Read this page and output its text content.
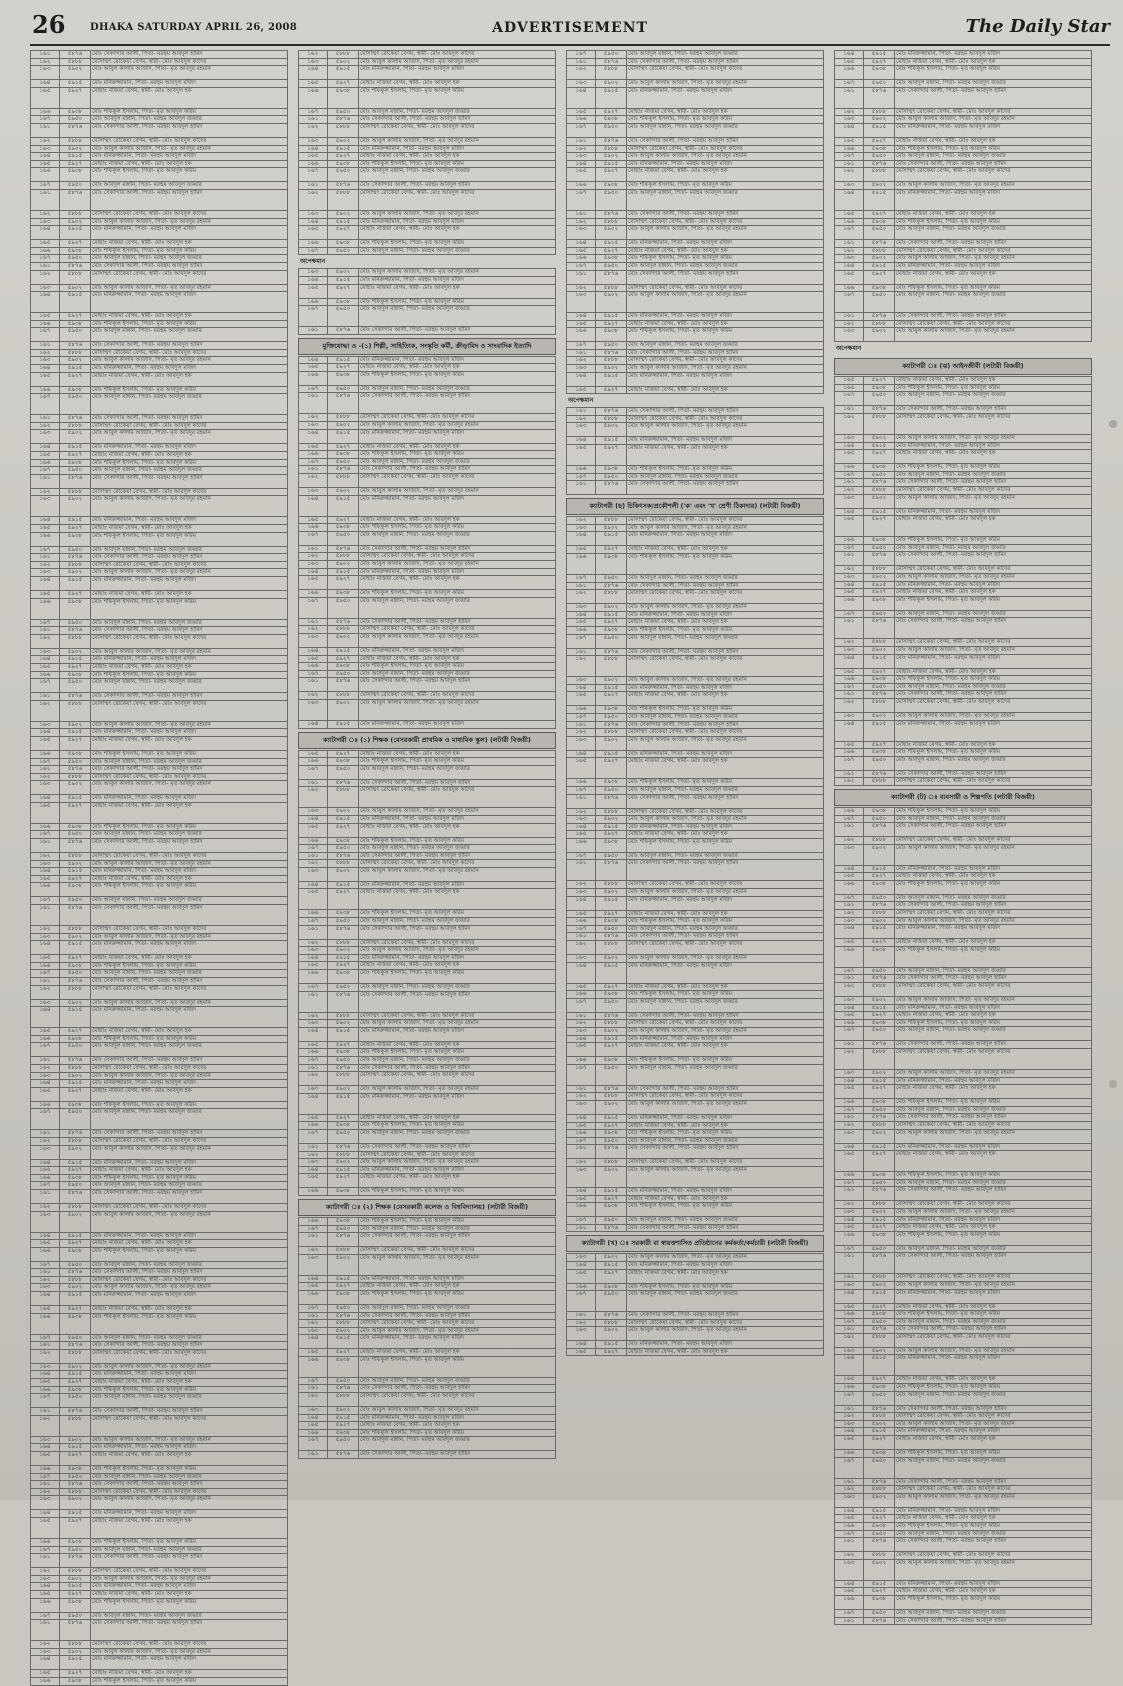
26 DHAKA SATURDAY APRIL 26, 2008	ADVERTISEMENT	The Daily Star
১৬১	৫৮৭৬	মোঃ সেকান্দার আলী, পিতা- মরহুম আবদুল হামিদ
১৬২	৫৮৮৮	মোসাম্মৎ রোকেয়া বেগম, স্বামী- মোঃ আবদুল কাদের
১৬৩	৫৯০২	মোঃ আবুল কালাম আজাদ, পিতা- মৃত আবদুর রহমান
১৬৪	৫৯১৫	মোঃ মনিরুজ্জামান, পিতা- মরহুম আবদুল মজিদ
১৬৫	৫৯২৭	মোছাঃ নাজমা বেগম, স্বামী- মোঃ আবদুল হক
১৬৬	৫৯৩৮	মোঃ শফিকুল ইসলাম, পিতা- মৃত আবদুল করিম
১৬৭	৫৯৫০	মোঃ আবদুল মান্নান, পিতা- মরহুম আবদুল জব্বার
১৬১	৫৮৭৬	মোঃ সেকান্দার আলী, পিতা- মরহুম আবদুল হামিদ
১৬২	৫৮৮৮	মোসাম্মৎ রোকেয়া বেগম, স্বামী- মোঃ আবদুল কাদের
১৬৩	৫৯০২	মোঃ আবুল কালাম আজাদ, পিতা- মৃত আবদুর রহমান
১৬৪	৫৯১৫	মোঃ মনিরুজ্জামান, পিতা- মরহুম আবদুল মজিদ
১৬৫	৫৯২৭	মোছাঃ নাজমা বেগম, স্বামী- মোঃ আবদুল হক
১৬৬	৫৯৩৮	মোঃ শফিকুল ইসলাম, পিতা- মৃত আবদুল করিম
১৬৭	৫৯৫০	মোঃ আবদুল মান্নান, পিতা- মরহুম আবদুল জব্বার
১৬১	৫৮৭৬	মোঃ সেকান্দার আলী, পিতা- মরহুম আবদুল হামিদ
১৬২	৫৮৮৮	মোসাম্মৎ রোকেয়া বেগম, স্বামী- মোঃ আবদুল কাদের
১৬৩	৫৯০২	মোঃ আবুল কালাম আজাদ, পিতা- মৃত আবদুর রহমান
১৬৪	৫৯১৫	মোঃ মনিরুজ্জামান, পিতা- মরহুম আবদুল মজিদ
১৬৫	৫৯২৭	মোছাঃ নাজমা বেগম, স্বামী- মোঃ আবদুল হক
১৬৬	৫৯৩৮	মোঃ শফিকুল ইসলাম, পিতা- মৃত আবদুল করিম
১৬৭	৫৯৫০	মোঃ আবদুল মান্নান, পিতা- মরহুম আবদুল জব্বার
১৬১	৫৮৭৬	মোঃ সেকান্দার আলী, পিতা- মরহুম আবদুল হামিদ
১৬২	৫৮৮৮	মোসাম্মৎ রোকেয়া বেগম, স্বামী- মোঃ আবদুল কাদের
১৬৩	৫৯০২	মোঃ আবুল কালাম আজাদ, পিতা- মৃত আবদুর রহমান
১৬৪	৫৯১৫	মোঃ মনিরুজ্জামান, পিতা- মরহুম আবদুল মজিদ
১৬৫	৫৯২৭	মোছাঃ নাজমা বেগম, স্বামী- মোঃ আবদুল হক
১৬৬	৫৯৩৮	মোঃ শফিকুল ইসলাম, পিতা- মৃত আবদুল করিম
১৬৭	৫৯৫০	মোঃ আবদুল মান্নান, পিতা- মরহুম আবদুল জব্বার
১৬১	৫৮৭৬	মোঃ সেকান্দার আলী, পিতা- মরহুম আবদুল হামিদ
১৬২	৫৮৮৮	মোসাম্মৎ রোকেয়া বেগম, স্বামী- মোঃ আবদুল কাদের
১৬৩	৫৯০২	মোঃ আবুল কালাম আজাদ, পিতা- মৃত আবদুর রহমান
১৬৪	৫৯১৫	মোঃ মনিরুজ্জামান, পিতা- মরহুম আবদুল মজিদ
১৬৫	৫৯২৭	মোছাঃ নাজমা বেগম, স্বামী- মোঃ আবদুল হক
১৬৬	৫৯৩৮	মোঃ শফিকুল ইসলাম, পিতা- মৃত আবদুল করিম
১৬৭	৫৯৫০	মোঃ আবদুল মান্নান, পিতা- মরহুম আবদুল জব্বার
১৬১	৫৮৭৬	মোঃ সেকান্দার আলী, পিতা- মরহুম আবদুল হামিদ
১৬২	৫৮৮৮	মোসাম্মৎ রোকেয়া বেগম, স্বামী- মোঃ আবদুল কাদের
১৬৩	৫৯০২	মোঃ আবুল কালাম আজাদ, পিতা- মৃত আবদুর রহমান
১৬৪	৫৯১৫	মোঃ মনিরুজ্জামান, পিতা- মরহুম আবদুল মজিদ
১৬৫	৫৯২৭	মোছাঃ নাজমা বেগম, স্বামী- মোঃ আবদুল হক
১৬৬	৫৯৩৮	মোঃ শফিকুল ইসলাম, পিতা- মৃত আবদুল করিম
১৬৭	৫৯৫০	মোঃ আবদুল মান্নান, পিতা- মরহুম আবদুল জব্বার
১৬১	৫৮৭৬	মোঃ সেকান্দার আলী, পিতা- মরহুম আবদুল হামিদ
১৬২	৫৮৮৮	মোসাম্মৎ রোকেয়া বেগম, স্বামী- মোঃ আবদুল কাদের
১৬৩	৫৯০২	মোঃ আবুল কালাম আজাদ, পিতা- মৃত আবদুর রহমান
১৬৪	৫৯১৫	মোঃ মনিরুজ্জামান, পিতা- মরহুম আবদুল মজিদ
১৬৫	৫৯২৭	মোছাঃ নাজমা বেগম, স্বামী- মোঃ আবদুল হক
১৬৬	৫৯৩৮	মোঃ শফিকুল ইসলাম, পিতা- মৃত আবদুল করিম
১৬৭	৫৯৫০	মোঃ আবদুল মান্নান, পিতা- মরহুম আবদুল জব্বার
১৬১	৫৮৭৬	মোঃ সেকান্দার আলী, পিতা- মরহুম আবদুল হামিদ
১৬২	৫৮৮৮	মোসাম্মৎ রোকেয়া বেগম, স্বামী- মোঃ আবদুল কাদের
১৬৩	৫৯০২	মোঃ আবুল কালাম আজাদ, পিতা- মৃত আবদুর রহমান
১৬৪	৫৯১৫	মোঃ মনিরুজ্জামান, পিতা- মরহুম আবদুল মজিদ
১৬৫	৫৯২৭	মোছাঃ নাজমা বেগম, স্বামী- মোঃ আবদুল হক
১৬৬	৫৯৩৮	মোঃ শফিকুল ইসলাম, পিতা- মৃত আবদুল করিম
১৬৭	৫৯৫০	মোঃ আবদুল মান্নান, পিতা- মরহুম আবদুল জব্বার
১৬১	৫৮৭৬	মোঃ সেকান্দার আলী, পিতা- মরহুম আবদুল হামিদ
১৬২	৫৮৮৮	মোসাম্মৎ রোকেয়া বেগম, স্বামী- মোঃ আবদুল কাদের
১৬৩	৫৯০২	মোঃ আবুল কালাম আজাদ, পিতা- মৃত আবদুর রহমান
১৬৪	৫৯১৫	মোঃ মনিরুজ্জামান, পিতা- মরহুম আবদুল মজিদ
১৬৫	৫৯২৭	মোছাঃ নাজমা বেগম, স্বামী- মোঃ আবদুল হক
১৬৬	৫৯৩৮	মোঃ শফিকুল ইসলাম, পিতা- মৃত আবদুল করিম
১৬৭	৫৯৫০	মোঃ আবদুল মান্নান, পিতা- মরহুম আবদুল জব্বার
১৬১	৫৮৭৬	মোঃ সেকান্দার আলী, পিতা- মরহুম আবদুল হামিদ
১৬২	৫৮৮৮	মোসাম্মৎ রোকেয়া বেগম, স্বামী- মোঃ আবদুল কাদের
১৬৩	৫৯০২	মোঃ আবুল কালাম আজাদ, পিতা- মৃত আবদুর রহমান
১৬৪	৫৯১৫	মোঃ মনিরুজ্জামান, পিতা- মরহুম আবদুল মজিদ
১৬৫	৫৯২৭	মোছাঃ নাজমা বেগম, স্বামী- মোঃ আবদুল হক
১৬৬	৫৯৩৮	মোঃ শফিকুল ইসলাম, পিতা- মৃত আবদুল করিম
১৬৭	৫৯৫০	মোঃ আবদুল মান্নান, পিতা- মরহুম আবদুল জব্বার
১৬১	৫৮৭৬	মোঃ সেকান্দার আলী, পিতা- মরহুম আবদুল হামিদ
১৬২	৫৮৮৮	মোসাম্মৎ রোকেয়া বেগম, স্বামী- মোঃ আবদুল কাদের
১৬৩	৫৯০২	মোঃ আবুল কালাম আজাদ, পিতা- মৃত আবদুর রহমান
১৬৪	৫৯১৫	মোঃ মনিরুজ্জামান, পিতা- মরহুম আবদুল মজিদ
১৬৫	৫৯২৭	মোছাঃ নাজমা বেগম, স্বামী- মোঃ আবদুল হক
১৬৬	৫৯৩৮	মোঃ শফিকুল ইসলাম, পিতা- মৃত আবদুল করিম
১৬৭	৫৯৫০	মোঃ আবদুল মান্নান, পিতা- মরহুম আবদুল জব্বার
১৬১	৫৮৭৬	মোঃ সেকান্দার আলী, পিতা- মরহুম আবদুল হামিদ
১৬২	৫৮৮৮	মোসাম্মৎ রোকেয়া বেগম, স্বামী- মোঃ আবদুল কাদের
১৬৩	৫৯০২	মোঃ আবুল কালাম আজাদ, পিতা- মৃত আবদুর রহমান
১৬৪	৫৯১৫	মোঃ মনিরুজ্জামান, পিতা- মরহুম আবদুল মজিদ
১৬৫	৫৯২৭	মোছাঃ নাজমা বেগম, স্বামী- মোঃ আবদুল হক
১৬৬	৫৯৩৮	মোঃ শফিকুল ইসলাম, পিতা- মৃত আবদুল করিম
১৬৭	৫৯৫০	মোঃ আবদুল মান্নান, পিতা- মরহুম আবদুল জব্বার
১৬১	৫৮৭৬	মোঃ সেকান্দার আলী, পিতা- মরহুম আবদুল হামিদ
১৬২	৫৮৮৮	মোসাম্মৎ রোকেয়া বেগম, স্বামী- মোঃ আবদুল কাদের
১৬৩	৫৯০২	মোঃ আবুল কালাম আজাদ, পিতা- মৃত আবদুর রহমান
১৬৪	৫৯১৫	মোঃ মনিরুজ্জামান, পিতা- মরহুম আবদুল মজিদ
১৬৫	৫৯২৭	মোছাঃ নাজমা বেগম, স্বামী- মোঃ আবদুল হক
১৬৬	৫৯৩৮	মোঃ শফিকুল ইসলাম, পিতা- মৃত আবদুল করিম
১৬৭	৫৯৫০	মোঃ আবদুল মান্নান, পিতা- মরহুম আবদুল জব্বার
১৬১	৫৮৭৬	মোঃ সেকান্দার আলী, পিতা- মরহুম আবদুল হামিদ
১৬২	৫৮৮৮	মোসাম্মৎ রোকেয়া বেগম, স্বামী- মোঃ আবদুল কাদের
১৬৩	৫৯০২	মোঃ আবুল কালাম আজাদ, পিতা- মৃত আবদুর রহমান
১৬৪	৫৯১৫	মোঃ মনিরুজ্জামান, পিতা- মরহুম আবদুল মজিদ
১৬৫	৫৯২৭	মোছাঃ নাজমা বেগম, স্বামী- মোঃ আবদুল হক
১৬৬	৫৯৩৮	মোঃ শফিকুল ইসলাম, পিতা- মৃত আবদুল করিম
১৬৭	৫৯৫০	মোঃ আবদুল মান্নান, পিতা- মরহুম আবদুল জব্বার
১৬১	৫৮৭৬	মোঃ সেকান্দার আলী, পিতা- মরহুম আবদুল হামিদ
১৬২	৫৮৮৮	মোসাম্মৎ রোকেয়া বেগম, স্বামী- মোঃ আবদুল কাদের
১৬৩	৫৯০২	মোঃ আবুল কালাম আজাদ, পিতা- মৃত আবদুর রহমান
১৬৪	৫৯১৫	মোঃ মনিরুজ্জামান, পিতা- মরহুম আবদুল মজিদ
১৬৫	৫৯২৭	মোছাঃ নাজমা বেগম, স্বামী- মোঃ আবদুল হক
১৬৬	৫৯৩৮	মোঃ শফিকুল ইসলাম, পিতা- মৃত আবদুল করিম
১৬৭	৫৯৫০	মোঃ আবদুল মান্নান, পিতা- মরহুম আবদুল জব্বার
১৬১	৫৮৭৬	মোঃ সেকান্দার আলী, পিতা- মরহুম আবদুল হামিদ
১৬২	৫৮৮৮	মোসাম্মৎ রোকেয়া বেগম, স্বামী- মোঃ আবদুল কাদের
১৬৩	৫৯০২	মোঃ আবুল কালাম আজাদ, পিতা- মৃত আবদুর রহমান
১৬৪	৫৯১৫	মোঃ মনিরুজ্জামান, পিতা- মরহুম আবদুল মজিদ
১৬৫	৫৯২৭	মোছাঃ নাজমা বেগম, স্বামী- মোঃ আবদুল হক
১৬৬	৫৯৩৮	মোঃ শফিকুল ইসলাম, পিতা- মৃত আবদুল করিম
১৬৭	৫৯৫০	মোঃ আবদুল মান্নান, পিতা- মরহুম আবদুল জব্বার
১৬১	৫৮৭৬	মোঃ সেকান্দার আলী, পিতা- মরহুম আবদুল হামিদ
১৬২	৫৮৮৮	মোসাম্মৎ রোকেয়া বেগম, স্বামী- মোঃ আবদুল কাদের
১৬৩	৫৯০২	মোঃ আবুল কালাম আজাদ, পিতা- মৃত আবদুর রহমান
১৬৪	৫৯১৫	মোঃ মনিরুজ্জামান, পিতা- মরহুম আবদুল মজিদ
১৬৫	৫৯২৭	মোছাঃ নাজমা বেগম, স্বামী- মোঃ আবদুল হক
১৬৬	৫৯৩৮	মোঃ শফিকুল ইসলাম, পিতা- মৃত আবদুল করিম
১৬৭	৫৯৫০	মোঃ আবদুল মান্নান, পিতা- মরহুম আবদুল জব্বার
১৬১	৫৮৭৬	মোঃ সেকান্দার আলী, পিতা- মরহুম আবদুল হামিদ
১৬২	৫৮৮৮	মোসাম্মৎ রোকেয়া বেগম, স্বামী- মোঃ আবদুল কাদের
১৬৩	৫৯০২	মোঃ আবুল কালাম আজাদ, পিতা- মৃত আবদুর রহমান
১৬৪	৫৯১৫	মোঃ মনিরুজ্জামান, পিতা- মরহুম আবদুল মজিদ
১৬৫	৫৯২৭	মোছাঃ নাজমা বেগম, স্বামী- মোঃ আবদুল হক
১৬৬	৫৯৩৮	মোঃ শফিকুল ইসলাম, পিতা- মৃত আবদুল করিম
১৬৭	৫৯৫০	মোঃ আবদুল মান্নান, পিতা- মরহুম আবদুল জব্বার
১৬১	৫৮৭৬	মোঃ সেকান্দার আলী, পিতা- মরহুম আবদুল হামিদ
১৬২	৫৮৮৮	মোসাম্মৎ রোকেয়া বেগম, স্বামী- মোঃ আবদুল কাদের
১৬৩	৫৯০২	মোঃ আবুল কালাম আজাদ, পিতা- মৃত আবদুর রহমান
১৬৪	৫৯১৫	মোঃ মনিরুজ্জামান, পিতা- মরহুম আবদুল মজিদ
১৬৫	৫৯২৭	মোছাঃ নাজমা বেগম, স্বামী- মোঃ আবদুল হক
১৬৬	৫৯৩৮	মোঃ শফিকুল ইসলাম, পিতা- মৃত আবদুল করিম
১৬৭	৫৯৫০	মোঃ আবদুল মান্নান, পিতা- মরহুম আবদুল জব্বার
১৬১	৫৮৭৬	মোঃ সেকান্দার আলী, পিতা- মরহুম আবদুল হামিদ
১৬২	৫৮৮৮	মোসাম্মৎ রোকেয়া বেগম, স্বামী- মোঃ আবদুল কাদের
১৬৩	৫৯০২	মোঃ আবুল কালাম আজাদ, পিতা- মৃত আবদুর রহমান
১৬৪	৫৯১৫	মোঃ মনিরুজ্জামান, পিতা- মরহুম আবদুল মজিদ
১৬৫	৫৯২৭	মোছাঃ নাজমা বেগম, স্বামী- মোঃ আবদুল হক
১৬৬	৫৯৩৮	মোঃ শফিকুল ইসলাম, পিতা- মৃত আবদুল করিম
১৬৭	৫৯৫০	মোঃ আবদুল মান্নান, পিতা- মরহুম আবদুল জব্বার
১৬১	৫৮৭৬	মোঃ সেকান্দার আলী, পিতা- মরহুম আবদুল হামিদ
১৬২	৫৮৮৮	মোসাম্মৎ রোকেয়া বেগম, স্বামী- মোঃ আবদুল কাদের
১৬৩	৫৯০২	মোঃ আবুল কালাম আজাদ, পিতা- মৃত আবদুর রহমান
১৬৪	৫৯১৫	মোঃ মনিরুজ্জামান, পিতা- মরহুম আবদুল মজিদ
১৬৫	৫৯২৭	মোছাঃ নাজমা বেগম, স্বামী- মোঃ আবদুল হক
১৬৬	৫৯৩৮	মোঃ শফিকুল ইসলাম, পিতা- মৃত আবদুল করিম
১৬৭	৫৯৫০	মোঃ আবদুল মান্নান, পিতা- মরহুম আবদুল জব্বার
১৬১	৫৮৭৬	মোঃ সেকান্দার আলী, পিতা- মরহুম আবদুল হামিদ
১৬২	৫৮৮৮	মোসাম্মৎ রোকেয়া বেগম, স্বামী- মোঃ আবদুল কাদের
১৬৩	৫৯০২	মোঃ আবুল কালাম আজাদ, পিতা- মৃত আবদুর রহমান
১৬৪	৫৯১৫	মোঃ মনিরুজ্জামান, পিতা- মরহুম আবদুল মজিদ
১৬৫	৫৯২৭	মোছাঃ নাজমা বেগম, স্বামী- মোঃ আবদুল হক
১৬৬	৫৯৩৮	মোঃ শফিকুল ইসলাম, পিতা- মৃত আবদুল করিম
১৬৭	৫৯৫০	মোঃ আবদুল মান্নান, পিতা- মরহুম আবদুল জব্বার
১৬১	৫৮৭৬	মোঃ সেকান্দার আলী, পিতা- মরহুম আবদুল হামিদ
১৬২	৫৮৮৮	মোসাম্মৎ রোকেয়া বেগম, স্বামী- মোঃ আবদুল কাদের
১৬৩	৫৯০২	মোঃ আবুল কালাম আজাদ, পিতা- মৃত আবদুর রহমান
১৬৪	৫৯১৫	মোঃ মনিরুজ্জামান, পিতা- মরহুম আবদুল মজিদ
১৬৫	৫৯২৭	মোছাঃ নাজমা বেগম, স্বামী- মোঃ আবদুল হক
১৬৬	৫৯৩৮	মোঃ শফিকুল ইসলাম, পিতা- মৃত আবদুল করিম
১৬২	৫৮৮৮	মোসাম্মৎ রোকেয়া বেগম, স্বামী- মোঃ আবদুল কাদের
১৬৩	৫৯০২	মোঃ আবুল কালাম আজাদ, পিতা- মৃত আবদুর রহমান
১৬৪	৫৯১৫	মোঃ মনিরুজ্জামান, পিতা- মরহুম আবদুল মজিদ
১৬৫	৫৯২৭	মোছাঃ নাজমা বেগম, স্বামী- মোঃ আবদুল হক
১৬৬	৫৯৩৮	মোঃ শফিকুল ইসলাম, পিতা- মৃত আবদুল করিম
১৬৭	৫৯৫০	মোঃ আবদুল মান্নান, পিতা- মরহুম আবদুল জব্বার
১৬১	৫৮৭৬	মোঃ সেকান্দার আলী, পিতা- মরহুম আবদুল হামিদ
১৬২	৫৮৮৮	মোসাম্মৎ রোকেয়া বেগম, স্বামী- মোঃ আবদুল কাদের
১৬৩	৫৯০২	মোঃ আবুল কালাম আজাদ, পিতা- মৃত আবদুর রহমান
১৬৪	৫৯১৫	মোঃ মনিরুজ্জামান, পিতা- মরহুম আবদুল মজিদ
১৬৫	৫৯২৭	মোছাঃ নাজমা বেগম, স্বামী- মোঃ আবদুল হক
১৬৬	৫৯৩৮	মোঃ শফিকুল ইসলাম, পিতা- মৃত আবদুল করিম
১৬৭	৫৯৫০	মোঃ আবদুল মান্নান, পিতা- মরহুম আবদুল জব্বার
১৬১	৫৮৭৬	মোঃ সেকান্দার আলী, পিতা- মরহুম আবদুল হামিদ
১৬২	৫৮৮৮	মোসাম্মৎ রোকেয়া বেগম, স্বামী- মোঃ আবদুল কাদের
১৬৩	৫৯০২	মোঃ আবুল কালাম আজাদ, পিতা- মৃত আবদুর রহমান
১৬৪	৫৯১৫	মোঃ মনিরুজ্জামান, পিতা- মরহুম আবদুল মজিদ
১৬৫	৫৯২৭	মোছাঃ নাজমা বেগম, স্বামী- মোঃ আবদুল হক
১৬৬	৫৯৩৮	মোঃ শফিকুল ইসলাম, পিতা- মৃত আবদুল করিম
১৬৭	৫৯৫০	মোঃ আবদুল মান্নান, পিতা- মরহুম আবদুল জব্বার
অপেক্ষমান
১৬৩	৫৯০২	মোঃ আবুল কালাম আজাদ, পিতা- মৃত আবদুর রহমান
১৬৪	৫৯১৫	মোঃ মনিরুজ্জামান, পিতা- মরহুম আবদুল মজিদ
১৬৫	৫৯২৭	মোছাঃ নাজমা বেগম, স্বামী- মোঃ আবদুল হক
১৬৬	৫৯৩৮	মোঃ শফিকুল ইসলাম, পিতা- মৃত আবদুল করিম
১৬৭	৫৯৫০	মোঃ আবদুল মান্নান, পিতা- মরহুম আবদুল জব্বার
১৬১	৫৮৭৬	মোঃ সেকান্দার আলী, পিতা- মরহুম আবদুল হামিদ
মুক্তিযোদ্ধা ও -(১) শিল্পী, সাহিত্যিক, সংস্কৃতি কর্মী, ক্রীড়াবিদ ও সাংবাদিক ইত্যাদি
১৬৪	৫৯১৫	মোঃ মনিরুজ্জামান, পিতা- মরহুম আবদুল মজিদ
১৬৫	৫৯২৭	মোছাঃ নাজমা বেগম, স্বামী- মোঃ আবদুল হক
১৬৬	৫৯৩৮	মোঃ শফিকুল ইসলাম, পিতা- মৃত আবদুল করিম
১৬৭	৫৯৫০	মোঃ আবদুল মান্নান, পিতা- মরহুম আবদুল জব্বার
১৬১	৫৮৭৬	মোঃ সেকান্দার আলী, পিতা- মরহুম আবদুল হামিদ
১৬২	৫৮৮৮	মোসাম্মৎ রোকেয়া বেগম, স্বামী- মোঃ আবদুল কাদের
১৬৩	৫৯০২	মোঃ আবুল কালাম আজাদ, পিতা- মৃত আবদুর রহমান
১৬৪	৫৯১৫	মোঃ মনিরুজ্জামান, পিতা- মরহুম আবদুল মজিদ
১৬৫	৫৯২৭	মোছাঃ নাজমা বেগম, স্বামী- মোঃ আবদুল হক
১৬৬	৫৯৩৮	মোঃ শফিকুল ইসলাম, পিতা- মৃত আবদুল করিম
১৬৭	৫৯৫০	মোঃ আবদুল মান্নান, পিতা- মরহুম আবদুল জব্বার
১৬১	৫৮৭৬	মোঃ সেকান্দার আলী, পিতা- মরহুম আবদুল হামিদ
১৬২	৫৮৮৮	মোসাম্মৎ রোকেয়া বেগম, স্বামী- মোঃ আবদুল কাদের
১৬৩	৫৯০২	মোঃ আবুল কালাম আজাদ, পিতা- মৃত আবদুর রহমান
১৬৪	৫৯১৫	মোঃ মনিরুজ্জামান, পিতা- মরহুম আবদুল মজিদ
১৬৫	৫৯২৭	মোছাঃ নাজমা বেগম, স্বামী- মোঃ আবদুল হক
১৬৬	৫৯৩৮	মোঃ শফিকুল ইসলাম, পিতা- মৃত আবদুল করিম
১৬৭	৫৯৫০	মোঃ আবদুল মান্নান, পিতা- মরহুম আবদুল জব্বার
১৬১	৫৮৭৬	মোঃ সেকান্দার আলী, পিতা- মরহুম আবদুল হামিদ
১৬২	৫৮৮৮	মোসাম্মৎ রোকেয়া বেগম, স্বামী- মোঃ আবদুল কাদের
১৬৩	৫৯০২	মোঃ আবুল কালাম আজাদ, পিতা- মৃত আবদুর রহমান
১৬৪	৫৯১৫	মোঃ মনিরুজ্জামান, পিতা- মরহুম আবদুল মজিদ
১৬৫	৫৯২৭	মোছাঃ নাজমা বেগম, স্বামী- মোঃ আবদুল হক
১৬৬	৫৯৩৮	মোঃ শফিকুল ইসলাম, পিতা- মৃত আবদুল করিম
১৬৭	৫৯৫০	মোঃ আবদুল মান্নান, পিতা- মরহুম আবদুল জব্বার
১৬১	৫৮৭৬	মোঃ সেকান্দার আলী, পিতা- মরহুম আবদুল হামিদ
১৬২	৫৮৮৮	মোসাম্মৎ রোকেয়া বেগম, স্বামী- মোঃ আবদুল কাদের
১৬৩	৫৯০২	মোঃ আবুল কালাম আজাদ, পিতা- মৃত আবদুর রহমান
১৬৪	৫৯১৫	মোঃ মনিরুজ্জামান, পিতা- মরহুম আবদুল মজিদ
১৬৫	৫৯২৭	মোছাঃ নাজমা বেগম, স্বামী- মোঃ আবদুল হক
১৬৬	৫৯৩৮	মোঃ শফিকুল ইসলাম, পিতা- মৃত আবদুল করিম
১৬৭	৫৯৫০	মোঃ আবদুল মান্নান, পিতা- মরহুম আবদুল জব্বার
১৬১	৫৮৭৬	মোঃ সেকান্দার আলী, পিতা- মরহুম আবদুল হামিদ
১৬২	৫৮৮৮	মোসাম্মৎ রোকেয়া বেগম, স্বামী- মোঃ আবদুল কাদের
১৬৩	৫৯০২	মোঃ আবুল কালাম আজাদ, পিতা- মৃত আবদুর রহমান
১৬৪	৫৯১৫	মোঃ মনিরুজ্জামান, পিতা- মরহুম আবদুল মজিদ
ক্যাটাগরী ঃ (১) শিক্ষক (বেসরকারী প্রাথমিক ও মাধ্যমিক স্কুল) (লটারী বিজয়ী)
১৬৫	৫৯২৭	মোছাঃ নাজমা বেগম, স্বামী- মোঃ আবদুল হক
১৬৬	৫৯৩৮	মোঃ শফিকুল ইসলাম, পিতা- মৃত আবদুল করিম
১৬৭	৫৯৫০	মোঃ আবদুল মান্নান, পিতা- মরহুম আবদুল জব্বার
১৬১	৫৮৭৬	মোঃ সেকান্দার আলী, পিতা- মরহুম আবদুল হামিদ
১৬২	৫৮৮৮	মোসাম্মৎ রোকেয়া বেগম, স্বামী- মোঃ আবদুল কাদের
১৬৩	৫৯০২	মোঃ আবুল কালাম আজাদ, পিতা- মৃত আবদুর রহমান
১৬৪	৫৯১৫	মোঃ মনিরুজ্জামান, পিতা- মরহুম আবদুল মজিদ
১৬৫	৫৯২৭	মোছাঃ নাজমা বেগম, স্বামী- মোঃ আবদুল হক
১৬৬	৫৯৩৮	মোঃ শফিকুল ইসলাম, পিতা- মৃত আবদুল করিম
১৬৭	৫৯৫০	মোঃ আবদুল মান্নান, পিতা- মরহুম আবদুল জব্বার
১৬১	৫৮৭৬	মোঃ সেকান্দার আলী, পিতা- মরহুম আবদুল হামিদ
১৬২	৫৮৮৮	মোসাম্মৎ রোকেয়া বেগম, স্বামী- মোঃ আবদুল কাদের
১৬৩	৫৯০২	মোঃ আবুল কালাম আজাদ, পিতা- মৃত আবদুর রহমান
১৬৪	৫৯১৫	মোঃ মনিরুজ্জামান, পিতা- মরহুম আবদুল মজিদ
১৬৫	৫৯২৭	মোছাঃ নাজমা বেগম, স্বামী- মোঃ আবদুল হক
১৬৬	৫৯৩৮	মোঃ শফিকুল ইসলাম, পিতা- মৃত আবদুল করিম
১৬৭	৫৯৫০	মোঃ আবদুল মান্নান, পিতা- মরহুম আবদুল জব্বার
১৬১	৫৮৭৬	মোঃ সেকান্দার আলী, পিতা- মরহুম আবদুল হামিদ
১৬২	৫৮৮৮	মোসাম্মৎ রোকেয়া বেগম, স্বামী- মোঃ আবদুল কাদের
১৬৩	৫৯০২	মোঃ আবুল কালাম আজাদ, পিতা- মৃত আবদুর রহমান
১৬৪	৫৯১৫	মোঃ মনিরুজ্জামান, পিতা- মরহুম আবদুল মজিদ
১৬৫	৫৯২৭	মোছাঃ নাজমা বেগম, স্বামী- মোঃ আবদুল হক
১৬৬	৫৯৩৮	মোঃ শফিকুল ইসলাম, পিতা- মৃত আবদুল করিম
১৬৭	৫৯৫০	মোঃ আবদুল মান্নান, পিতা- মরহুম আবদুল জব্বার
১৬১	৫৮৭৬	মোঃ সেকান্দার আলী, পিতা- মরহুম আবদুল হামিদ
১৬২	৫৮৮৮	মোসাম্মৎ রোকেয়া বেগম, স্বামী- মোঃ আবদুল কাদের
১৬৩	৫৯০২	মোঃ আবুল কালাম আজাদ, পিতা- মৃত আবদুর রহমান
১৬৪	৫৯১৫	মোঃ মনিরুজ্জামান, পিতা- মরহুম আবদুল মজিদ
১৬৫	৫৯২৭	মোছাঃ নাজমা বেগম, স্বামী- মোঃ আবদুল হক
১৬৬	৫৯৩৮	মোঃ শফিকুল ইসলাম, পিতা- মৃত আবদুল করিম
১৬৭	৫৯৫০	মোঃ আবদুল মান্নান, পিতা- মরহুম আবদুল জব্বার
১৬১	৫৮৭৬	মোঃ সেকান্দার আলী, পিতা- মরহুম আবদুল হামিদ
১৬২	৫৮৮৮	মোসাম্মৎ রোকেয়া বেগম, স্বামী- মোঃ আবদুল কাদের
১৬৩	৫৯০২	মোঃ আবুল কালাম আজাদ, পিতা- মৃত আবদুর রহমান
১৬৪	৫৯১৫	মোঃ মনিরুজ্জামান, পিতা- মরহুম আবদুল মজিদ
১৬৫	৫৯২৭	মোছাঃ নাজমা বেগম, স্বামী- মোঃ আবদুল হক
১৬৬	৫৯৩৮	মোঃ শফিকুল ইসলাম, পিতা- মৃত আবদুল করিম
১৬৭	৫৯৫০	মোঃ আবদুল মান্নান, পিতা- মরহুম আবদুল জব্বার
১৬১	৫৮৭৬	মোঃ সেকান্দার আলী, পিতা- মরহুম আবদুল হামিদ
১৬২	৫৮৮৮	মোসাম্মৎ রোকেয়া বেগম, স্বামী- মোঃ আবদুল কাদের
১৬৩	৫৯০২	মোঃ আবুল কালাম আজাদ, পিতা- মৃত আবদুর রহমান
১৬৪	৫৯১৫	মোঃ মনিরুজ্জামান, পিতা- মরহুম আবদুল মজিদ
১৬৫	৫৯২৭	মোছাঃ নাজমা বেগম, স্বামী- মোঃ আবদুল হক
১৬৬	৫৯৩৮	মোঃ শফিকুল ইসলাম, পিতা- মৃত আবদুল করিম
ক্যাটাগরী ঃ (২) শিক্ষক (বেসরকারী কলেজ ও বিশ্ববিদ্যালয়) (লটারী বিজয়ী)
১৬৬	৫৯৩৮	মোঃ শফিকুল ইসলাম, পিতা- মৃত আবদুল করিম
১৬৭	৫৯৫০	মোঃ আবদুল মান্নান, পিতা- মরহুম আবদুল জব্বার
১৬১	৫৮৭৬	মোঃ সেকান্দার আলী, পিতা- মরহুম আবদুল হামিদ
১৬২	৫৮৮৮	মোসাম্মৎ রোকেয়া বেগম, স্বামী- মোঃ আবদুল কাদের
১৬৩	৫৯০২	মোঃ আবুল কালাম আজাদ, পিতা- মৃত আবদুর রহমান
১৬৪	৫৯১৫	মোঃ মনিরুজ্জামান, পিতা- মরহুম আবদুল মজিদ
১৬৫	৫৯২৭	মোছাঃ নাজমা বেগম, স্বামী- মোঃ আবদুল হক
১৬৬	৫৯৩৮	মোঃ শফিকুল ইসলাম, পিতা- মৃত আবদুল করিম
১৬৭	৫৯৫০	মোঃ আবদুল মান্নান, পিতা- মরহুম আবদুল জব্বার
১৬১	৫৮৭৬	মোঃ সেকান্দার আলী, পিতা- মরহুম আবদুল হামিদ
১৬২	৫৮৮৮	মোসাম্মৎ রোকেয়া বেগম, স্বামী- মোঃ আবদুল কাদের
১৬৩	৫৯০২	মোঃ আবুল কালাম আজাদ, পিতা- মৃত আবদুর রহমান
১৬৪	৫৯১৫	মোঃ মনিরুজ্জামান, পিতা- মরহুম আবদুল মজিদ
১৬৫	৫৯২৭	মোছাঃ নাজমা বেগম, স্বামী- মোঃ আবদুল হক
১৬৬	৫৯৩৮	মোঃ শফিকুল ইসলাম, পিতা- মৃত আবদুল করিম
১৬৭	৫৯৫০	মোঃ আবদুল মান্নান, পিতা- মরহুম আবদুল জব্বার
১৬১	৫৮৭৬	মোঃ সেকান্দার আলী, পিতা- মরহুম আবদুল হামিদ
১৬২	৫৮৮৮	মোসাম্মৎ রোকেয়া বেগম, স্বামী- মোঃ আবদুল কাদের
১৬৩	৫৯০২	মোঃ আবুল কালাম আজাদ, পিতা- মৃত আবদুর রহমান
১৬৪	৫৯১৫	মোঃ মনিরুজ্জামান, পিতা- মরহুম আবদুল মজিদ
১৬৫	৫৯২৭	মোছাঃ নাজমা বেগম, স্বামী- মোঃ আবদুল হক
১৬৬	৫৯৩৮	মোঃ শফিকুল ইসলাম, পিতা- মৃত আবদুল করিম
১৬৭	৫৯৫০	মোঃ আবদুল মান্নান, পিতা- মরহুম আবদুল জব্বার
১৬১	৫৮৭৬	মোঃ সেকান্দার আলী, পিতা- মরহুম আবদুল হামিদ
১৬৭	৫৯৫০	মোঃ আবদুল মান্নান, পিতা- মরহুম আবদুল জব্বার
১৬১	৫৮৭৬	মোঃ সেকান্দার আলী, পিতা- মরহুম আবদুল হামিদ
১৬২	৫৮৮৮	মোসাম্মৎ রোকেয়া বেগম, স্বামী- মোঃ আবদুল কাদের
১৬৩	৫৯০২	মোঃ আবুল কালাম আজাদ, পিতা- মৃত আবদুর রহমান
১৬৪	৫৯১৫	মোঃ মনিরুজ্জামান, পিতা- মরহুম আবদুল মজিদ
১৬৫	৫৯২৭	মোছাঃ নাজমা বেগম, স্বামী- মোঃ আবদুল হক
১৬৬	৫৯৩৮	মোঃ শফিকুল ইসলাম, পিতা- মৃত আবদুল করিম
১৬৭	৫৯৫০	মোঃ আবদুল মান্নান, পিতা- মরহুম আবদুল জব্বার
১৬১	৫৮৭৬	মোঃ সেকান্দার আলী, পিতা- মরহুম আবদুল হামিদ
১৬২	৫৮৮৮	মোসাম্মৎ রোকেয়া বেগম, স্বামী- মোঃ আবদুল কাদের
১৬৩	৫৯০২	মোঃ আবুল কালাম আজাদ, পিতা- মৃত আবদুর রহমান
১৬৪	৫৯১৫	মোঃ মনিরুজ্জামান, পিতা- মরহুম আবদুল মজিদ
১৬৫	৫৯২৭	মোছাঃ নাজমা বেগম, স্বামী- মোঃ আবদুল হক
১৬৬	৫৯৩৮	মোঃ শফিকুল ইসলাম, পিতা- মৃত আবদুল করিম
১৬৭	৫৯৫০	মোঃ আবদুল মান্নান, পিতা- মরহুম আবদুল জব্বার
১৬১	৫৮৭৬	মোঃ সেকান্দার আলী, পিতা- মরহুম আবদুল হামিদ
১৬২	৫৮৮৮	মোসাম্মৎ রোকেয়া বেগম, স্বামী- মোঃ আবদুল কাদের
১৬৩	৫৯০২	মোঃ আবুল কালাম আজাদ, পিতা- মৃত আবদুর রহমান
১৬৪	৫৯১৫	মোঃ মনিরুজ্জামান, পিতা- মরহুম আবদুল মজিদ
১৬৫	৫৯২৭	মোছাঃ নাজমা বেগম, স্বামী- মোঃ আবদুল হক
১৬৬	৫৯৩৮	মোঃ শফিকুল ইসলাম, পিতা- মৃত আবদুল করিম
১৬৭	৫৯৫০	মোঃ আবদুল মান্নান, পিতা- মরহুম আবদুল জব্বার
১৬১	৫৮৭৬	মোঃ সেকান্দার আলী, পিতা- মরহুম আবদুল হামিদ
১৬২	৫৮৮৮	মোসাম্মৎ রোকেয়া বেগম, স্বামী- মোঃ আবদুল কাদের
১৬৩	৫৯০২	মোঃ আবুল কালাম আজাদ, পিতা- মৃত আবদুর রহমান
১৬৪	৫৯১৫	মোঃ মনিরুজ্জামান, পিতা- মরহুম আবদুল মজিদ
১৬৫	৫৯২৭	মোছাঃ নাজমা বেগম, স্বামী- মোঃ আবদুল হক
১৬৬	৫৯৩৮	মোঃ শফিকুল ইসলাম, পিতা- মৃত আবদুল করিম
১৬৭	৫৯৫০	মোঃ আবদুল মান্নান, পিতা- মরহুম আবদুল জব্বার
১৬১	৫৮৭৬	মোঃ সেকান্দার আলী, পিতা- মরহুম আবদুল হামিদ
১৬২	৫৮৮৮	মোসাম্মৎ রোকেয়া বেগম, স্বামী- মোঃ আবদুল কাদের
১৬৩	৫৯০২	মোঃ আবুল কালাম আজাদ, পিতা- মৃত আবদুর রহমান
১৬৪	৫৯১৫	মোঃ মনিরুজ্জামান, পিতা- মরহুম আবদুল মজিদ
১৬৫	৫৯২৭	মোছাঃ নাজমা বেগম, স্বামী- মোঃ আবদুল হক
অপেক্ষমান
১৬১	৫৮৭৬	মোঃ সেকান্দার আলী, পিতা- মরহুম আবদুল হামিদ
১৬২	৫৮৮৮	মোসাম্মৎ রোকেয়া বেগম, স্বামী- মোঃ আবদুল কাদের
১৬৩	৫৯০২	মোঃ আবুল কালাম আজাদ, পিতা- মৃত আবদুর রহমান
১৬৪	৫৯১৫	মোঃ মনিরুজ্জামান, পিতা- মরহুম আবদুল মজিদ
১৬৫	৫৯২৭	মোছাঃ নাজমা বেগম, স্বামী- মোঃ আবদুল হক
১৬৬	৫৯৩৮	মোঃ শফিকুল ইসলাম, পিতা- মৃত আবদুল করিম
১৬৭	৫৯৫০	মোঃ আবদুল মান্নান, পিতা- মরহুম আবদুল জব্বার
১৬১	৫৮৭৬	মোঃ সেকান্দার আলী, পিতা- মরহুম আবদুল হামিদ
ক্যাটাগরী (ছ) চিকিৎসক/প্রকৌশলী ('ক' এবং 'খ' শ্রেণী ঠিকাদার) (লটারী বিজয়ী)
১৬২	৫৮৮৮	মোসাম্মৎ রোকেয়া বেগম, স্বামী- মোঃ আবদুল কাদের
১৬৩	৫৯০২	মোঃ আবুল কালাম আজাদ, পিতা- মৃত আবদুর রহমান
১৬৪	৫৯১৫	মোঃ মনিরুজ্জামান, পিতা- মরহুম আবদুল মজিদ
১৬৫	৫৯২৭	মোছাঃ নাজমা বেগম, স্বামী- মোঃ আবদুল হক
১৬৬	৫৯৩৮	মোঃ শফিকুল ইসলাম, পিতা- মৃত আবদুল করিম
১৬৭	৫৯৫০	মোঃ আবদুল মান্নান, পিতা- মরহুম আবদুল জব্বার
১৬১	৫৮৭৬	মোঃ সেকান্দার আলী, পিতা- মরহুম আবদুল হামিদ
১৬২	৫৮৮৮	মোসাম্মৎ রোকেয়া বেগম, স্বামী- মোঃ আবদুল কাদের
১৬৩	৫৯০২	মোঃ আবুল কালাম আজাদ, পিতা- মৃত আবদুর রহমান
১৬৪	৫৯১৫	মোঃ মনিরুজ্জামান, পিতা- মরহুম আবদুল মজিদ
১৬৫	৫৯২৭	মোছাঃ নাজমা বেগম, স্বামী- মোঃ আবদুল হক
১৬৬	৫৯৩৮	মোঃ শফিকুল ইসলাম, পিতা- মৃত আবদুল করিম
১৬৭	৫৯৫০	মোঃ আবদুল মান্নান, পিতা- মরহুম আবদুল জব্বার
১৬১	৫৮৭৬	মোঃ সেকান্দার আলী, পিতা- মরহুম আবদুল হামিদ
১৬২	৫৮৮৮	মোসাম্মৎ রোকেয়া বেগম, স্বামী- মোঃ আবদুল কাদের
১৬৩	৫৯০২	মোঃ আবুল কালাম আজাদ, পিতা- মৃত আবদুর রহমান
১৬৪	৫৯১৫	মোঃ মনিরুজ্জামান, পিতা- মরহুম আবদুল মজিদ
১৬৫	৫৯২৭	মোছাঃ নাজমা বেগম, স্বামী- মোঃ আবদুল হক
১৬৬	৫৯৩৮	মোঃ শফিকুল ইসলাম, পিতা- মৃত আবদুল করিম
১৬৭	৫৯৫০	মোঃ আবদুল মান্নান, পিতা- মরহুম আবদুল জব্বার
১৬১	৫৮৭৬	মোঃ সেকান্দার আলী, পিতা- মরহুম আবদুল হামিদ
১৬২	৫৮৮৮	মোসাম্মৎ রোকেয়া বেগম, স্বামী- মোঃ আবদুল কাদের
১৬৩	৫৯০২	মোঃ আবুল কালাম আজাদ, পিতা- মৃত আবদুর রহমান
১৬৪	৫৯১৫	মোঃ মনিরুজ্জামান, পিতা- মরহুম আবদুল মজিদ
১৬৫	৫৯২৭	মোছাঃ নাজমা বেগম, স্বামী- মোঃ আবদুল হক
১৬৬	৫৯৩৮	মোঃ শফিকুল ইসলাম, পিতা- মৃত আবদুল করিম
১৬৭	৫৯৫০	মোঃ আবদুল মান্নান, পিতা- মরহুম আবদুল জব্বার
১৬১	৫৮৭৬	মোঃ সেকান্দার আলী, পিতা- মরহুম আবদুল হামিদ
১৬২	৫৮৮৮	মোসাম্মৎ রোকেয়া বেগম, স্বামী- মোঃ আবদুল কাদের
১৬৩	৫৯০২	মোঃ আবুল কালাম আজাদ, পিতা- মৃত আবদুর রহমান
১৬৪	৫৯১৫	মোঃ মনিরুজ্জামান, পিতা- মরহুম আবদুল মজিদ
১৬৫	৫৯২৭	মোছাঃ নাজমা বেগম, স্বামী- মোঃ আবদুল হক
১৬৬	৫৯৩৮	মোঃ শফিকুল ইসলাম, পিতা- মৃত আবদুল করিম
১৬৭	৫৯৫০	মোঃ আবদুল মান্নান, পিতা- মরহুম আবদুল জব্বার
১৬১	৫৮৭৬	মোঃ সেকান্দার আলী, পিতা- মরহুম আবদুল হামিদ
১৬২	৫৮৮৮	মোসাম্মৎ রোকেয়া বেগম, স্বামী- মোঃ আবদুল কাদের
১৬৩	৫৯০২	মোঃ আবুল কালাম আজাদ, পিতা- মৃত আবদুর রহমান
১৬৪	৫৯১৫	মোঃ মনিরুজ্জামান, পিতা- মরহুম আবদুল মজিদ
১৬৫	৫৯২৭	মোছাঃ নাজমা বেগম, স্বামী- মোঃ আবদুল হক
১৬৬	৫৯৩৮	মোঃ শফিকুল ইসলাম, পিতা- মৃত আবদুল করিম
১৬৭	৫৯৫০	মোঃ আবদুল মান্নান, পিতা- মরহুম আবদুল জব্বার
১৬১	৫৮৭৬	মোঃ সেকান্দার আলী, পিতা- মরহুম আবদুল হামিদ
১৬২	৫৮৮৮	মোসাম্মৎ রোকেয়া বেগম, স্বামী- মোঃ আবদুল কাদের
১৬৩	৫৯০২	মোঃ আবুল কালাম আজাদ, পিতা- মৃত আবদুর রহমান
১৬৪	৫৯১৫	মোঃ মনিরুজ্জামান, পিতা- মরহুম আবদুল মজিদ
১৬৫	৫৯২৭	মোছাঃ নাজমা বেগম, স্বামী- মোঃ আবদুল হক
১৬৬	৫৯৩৮	মোঃ শফিকুল ইসলাম, পিতা- মৃত আবদুল করিম
১৬৭	৫৯৫০	মোঃ আবদুল মান্নান, পিতা- মরহুম আবদুল জব্বার
১৬১	৫৮৭৬	মোঃ সেকান্দার আলী, পিতা- মরহুম আবদুল হামিদ
১৬২	৫৮৮৮	মোসাম্মৎ রোকেয়া বেগম, স্বামী- মোঃ আবদুল কাদের
১৬৩	৫৯০২	মোঃ আবুল কালাম আজাদ, পিতা- মৃত আবদুর রহমান
১৬৪	৫৯১৫	মোঃ মনিরুজ্জামান, পিতা- মরহুম আবদুল মজিদ
১৬৫	৫৯২৭	মোছাঃ নাজমা বেগম, স্বামী- মোঃ আবদুল হক
১৬৬	৫৯৩৮	মোঃ শফিকুল ইসলাম, পিতা- মৃত আবদুল করিম
১৬৭	৫৯৫০	মোঃ আবদুল মান্নান, পিতা- মরহুম আবদুল জব্বার
১৬১	৫৮৭৬	মোঃ সেকান্দার আলী, পিতা- মরহুম আবদুল হামিদ
১৬২	৫৮৮৮	মোসাম্মৎ রোকেয়া বেগম, স্বামী- মোঃ আবদুল কাদের
১৬৩	৫৯০২	মোঃ আবুল কালাম আজাদ, পিতা- মৃত আবদুর রহমান
১৬৪	৫৯১৫	মোঃ মনিরুজ্জামান, পিতা- মরহুম আবদুল মজিদ
১৬৫	৫৯২৭	মোছাঃ নাজমা বেগম, স্বামী- মোঃ আবদুল হক
১৬৬	৫৯৩৮	মোঃ শফিকুল ইসলাম, পিতা- মৃত আবদুল করিম
১৬৭	৫৯৫০	মোঃ আবদুল মান্নান, পিতা- মরহুম আবদুল জব্বার
১৬১	৫৮৭৬	মোঃ সেকান্দার আলী, পিতা- মরহুম আবদুল হামিদ
১৬২	৫৮৮৮	মোসাম্মৎ রোকেয়া বেগম, স্বামী- মোঃ আবদুল কাদের
১৬৩	৫৯০২	মোঃ আবুল কালাম আজাদ, পিতা- মৃত আবদুর রহমান
১৬৪	৫৯১৫	মোঃ মনিরুজ্জামান, পিতা- মরহুম আবদুল মজিদ
১৬৫	৫৯২৭	মোছাঃ নাজমা বেগম, স্বামী- মোঃ আবদুল হক
১৬৬	৫৯৩৮	মোঃ শফিকুল ইসলাম, পিতা- মৃত আবদুল করিম
১৬৭	৫৯৫০	মোঃ আবদুল মান্নান, পিতা- মরহুম আবদুল জব্বার
১৬১	৫৮৭৬	মোঃ সেকান্দার আলী, পিতা- মরহুম আবদুল হামিদ
ক্যাটাগরী (খ) ঃ সরকারী বা স্বায়ত্তশাসিত প্রতিষ্ঠানের কর্মকর্তা/কর্মচারী (লটারী বিজয়ী)
১৬৩	৫৯০২	মোঃ আবুল কালাম আজাদ, পিতা- মৃত আবদুর রহমান
১৬৪	৫৯১৫	মোঃ মনিরুজ্জামান, পিতা- মরহুম আবদুল মজিদ
১৬৫	৫৯২৭	মোছাঃ নাজমা বেগম, স্বামী- মোঃ আবদুল হক
১৬৬	৫৯৩৮	মোঃ শফিকুল ইসলাম, পিতা- মৃত আবদুল করিম
১৬৭	৫৯৫০	মোঃ আবদুল মান্নান, পিতা- মরহুম আবদুল জব্বার
১৬১	৫৮৭৬	মোঃ সেকান্দার আলী, পিতা- মরহুম আবদুল হামিদ
১৬২	৫৮৮৮	মোসাম্মৎ রোকেয়া বেগম, স্বামী- মোঃ আবদুল কাদের
১৬৩	৫৯০২	মোঃ আবুল কালাম আজাদ, পিতা- মৃত আবদুর রহমান
১৬৪	৫৯১৫	মোঃ মনিরুজ্জামান, পিতা- মরহুম আবদুল মজিদ
১৬৫	৫৯২৭	মোছাঃ নাজমা বেগম, স্বামী- মোঃ আবদুল হক
১৬৪	৫৯১৫	মোঃ মনিরুজ্জামান, পিতা- মরহুম আবদুল মজিদ
১৬৫	৫৯২৭	মোছাঃ নাজমা বেগম, স্বামী- মোঃ আবদুল হক
১৬৬	৫৯৩৮	মোঃ শফিকুল ইসলাম, পিতা- মৃত আবদুল করিম
১৬৭	৫৯৫০	মোঃ আবদুল মান্নান, পিতা- মরহুম আবদুল জব্বার
১৬১	৫৮৭৬	মোঃ সেকান্দার আলী, পিতা- মরহুম আবদুল হামিদ
১৬২	৫৮৮৮	মোসাম্মৎ রোকেয়া বেগম, স্বামী- মোঃ আবদুল কাদের
১৬৩	৫৯০২	মোঃ আবুল কালাম আজাদ, পিতা- মৃত আবদুর রহমান
১৬৪	৫৯১৫	মোঃ মনিরুজ্জামান, পিতা- মরহুম আবদুল মজিদ
১৬৫	৫৯২৭	মোছাঃ নাজমা বেগম, স্বামী- মোঃ আবদুল হক
১৬৬	৫৯৩৮	মোঃ শফিকুল ইসলাম, পিতা- মৃত আবদুল করিম
১৬৭	৫৯৫০	মোঃ আবদুল মান্নান, পিতা- মরহুম আবদুল জব্বার
১৬১	৫৮৭৬	মোঃ সেকান্দার আলী, পিতা- মরহুম আবদুল হামিদ
১৬২	৫৮৮৮	মোসাম্মৎ রোকেয়া বেগম, স্বামী- মোঃ আবদুল কাদের
১৬৩	৫৯০২	মোঃ আবুল কালাম আজাদ, পিতা- মৃত আবদুর রহমান
১৬৪	৫৯১৫	মোঃ মনিরুজ্জামান, পিতা- মরহুম আবদুল মজিদ
১৬৫	৫৯২৭	মোছাঃ নাজমা বেগম, স্বামী- মোঃ আবদুল হক
১৬৬	৫৯৩৮	মোঃ শফিকুল ইসলাম, পিতা- মৃত আবদুল করিম
১৬৭	৫৯৫০	মোঃ আবদুল মান্নান, পিতা- মরহুম আবদুল জব্বার
১৬১	৫৮৭৬	মোঃ সেকান্দার আলী, পিতা- মরহুম আবদুল হামিদ
১৬২	৫৮৮৮	মোসাম্মৎ রোকেয়া বেগম, স্বামী- মোঃ আবদুল কাদের
১৬৩	৫৯০২	মোঃ আবুল কালাম আজাদ, পিতা- মৃত আবদুর রহমান
১৬৪	৫৯১৫	মোঃ মনিরুজ্জামান, পিতা- মরহুম আবদুল মজিদ
১৬৫	৫৯২৭	মোছাঃ নাজমা বেগম, স্বামী- মোঃ আবদুল হক
১৬৬	৫৯৩৮	মোঃ শফিকুল ইসলাম, পিতা- মৃত আবদুল করিম
১৬৭	৫৯৫০	মোঃ আবদুল মান্নান, পিতা- মরহুম আবদুল জব্বার
১৬১	৫৮৭৬	মোঃ সেকান্দার আলী, পিতা- মরহুম আবদুল হামিদ
১৬২	৫৮৮৮	মোসাম্মৎ রোকেয়া বেগম, স্বামী- মোঃ আবদুল কাদের
১৬৩	৫৯০২	মোঃ আবুল কালাম আজাদ, পিতা- মৃত আবদুর রহমান
অপেক্ষমান
ক্যাটাগরী ঃ (ঝ) আইনজীবী (লটারী বিজয়ী)
১৬৫	৫৯২৭	মোছাঃ নাজমা বেগম, স্বামী- মোঃ আবদুল হক
১৬৬	৫৯৩৮	মোঃ শফিকুল ইসলাম, পিতা- মৃত আবদুল করিম
১৬৭	৫৯৫০	মোঃ আবদুল মান্নান, পিতা- মরহুম আবদুল জব্বার
১৬১	৫৮৭৬	মোঃ সেকান্দার আলী, পিতা- মরহুম আবদুল হামিদ
১৬২	৫৮৮৮	মোসাম্মৎ রোকেয়া বেগম, স্বামী- মোঃ আবদুল কাদের
১৬৩	৫৯০২	মোঃ আবুল কালাম আজাদ, পিতা- মৃত আবদুর রহমান
১৬৪	৫৯১৫	মোঃ মনিরুজ্জামান, পিতা- মরহুম আবদুল মজিদ
১৬৫	৫৯২৭	মোছাঃ নাজমা বেগম, স্বামী- মোঃ আবদুল হক
১৬৬	৫৯৩৮	মোঃ শফিকুল ইসলাম, পিতা- মৃত আবদুল করিম
১৬৭	৫৯৫০	মোঃ আবদুল মান্নান, পিতা- মরহুম আবদুল জব্বার
১৬১	৫৮৭৬	মোঃ সেকান্দার আলী, পিতা- মরহুম আবদুল হামিদ
১৬২	৫৮৮৮	মোসাম্মৎ রোকেয়া বেগম, স্বামী- মোঃ আবদুল কাদের
১৬৩	৫৯০২	মোঃ আবুল কালাম আজাদ, পিতা- মৃত আবদুর রহমান
১৬৪	৫৯১৫	মোঃ মনিরুজ্জামান, পিতা- মরহুম আবদুল মজিদ
১৬৫	৫৯২৭	মোছাঃ নাজমা বেগম, স্বামী- মোঃ আবদুল হক
১৬৬	৫৯৩৮	মোঃ শফিকুল ইসলাম, পিতা- মৃত আবদুল করিম
১৬৭	৫৯৫০	মোঃ আবদুল মান্নান, পিতা- মরহুম আবদুল জব্বার
১৬১	৫৮৭৬	মোঃ সেকান্দার আলী, পিতা- মরহুম আবদুল হামিদ
১৬২	৫৮৮৮	মোসাম্মৎ রোকেয়া বেগম, স্বামী- মোঃ আবদুল কাদের
১৬৩	৫৯০২	মোঃ আবুল কালাম আজাদ, পিতা- মৃত আবদুর রহমান
১৬৪	৫৯১৫	মোঃ মনিরুজ্জামান, পিতা- মরহুম আবদুল মজিদ
১৬৫	৫৯২৭	মোছাঃ নাজমা বেগম, স্বামী- মোঃ আবদুল হক
১৬৬	৫৯৩৮	মোঃ শফিকুল ইসলাম, পিতা- মৃত আবদুল করিম
১৬৭	৫৯৫০	মোঃ আবদুল মান্নান, পিতা- মরহুম আবদুল জব্বার
১৬১	৫৮৭৬	মোঃ সেকান্দার আলী, পিতা- মরহুম আবদুল হামিদ
১৬২	৫৮৮৮	মোসাম্মৎ রোকেয়া বেগম, স্বামী- মোঃ আবদুল কাদের
১৬৩	৫৯০২	মোঃ আবুল কালাম আজাদ, পিতা- মৃত আবদুর রহমান
১৬৪	৫৯১৫	মোঃ মনিরুজ্জামান, পিতা- মরহুম আবদুল মজিদ
১৬৫	৫৯২৭	মোছাঃ নাজমা বেগম, স্বামী- মোঃ আবদুল হক
১৬৬	৫৯৩৮	মোঃ শফিকুল ইসলাম, পিতা- মৃত আবদুল করিম
১৬৭	৫৯৫০	মোঃ আবদুল মান্নান, পিতা- মরহুম আবদুল জব্বার
১৬১	৫৮৭৬	মোঃ সেকান্দার আলী, পিতা- মরহুম আবদুল হামিদ
১৬২	৫৮৮৮	মোসাম্মৎ রোকেয়া বেগম, স্বামী- মোঃ আবদুল কাদের
১৬৩	৫৯০২	মোঃ আবুল কালাম আজাদ, পিতা- মৃত আবদুর রহমান
১৬৪	৫৯১৫	মোঃ মনিরুজ্জামান, পিতা- মরহুম আবদুল মজিদ
১৬৫	৫৯২৭	মোছাঃ নাজমা বেগম, স্বামী- মোঃ আবদুল হক
১৬৬	৫৯৩৮	মোঃ শফিকুল ইসলাম, পিতা- মৃত আবদুল করিম
১৬৭	৫৯৫০	মোঃ আবদুল মান্নান, পিতা- মরহুম আবদুল জব্বার
১৬১	৫৮৭৬	মোঃ সেকান্দার আলী, পিতা- মরহুম আবদুল হামিদ
১৬২	৫৮৮৮	মোসাম্মৎ রোকেয়া বেগম, স্বামী- মোঃ আবদুল কাদের
ক্যাটাগরী (ট) ঃ ব্যবসায়ী ও শিল্পপতি (লটারী বিজয়ী)
১৬৬	৫৯৩৮	মোঃ শফিকুল ইসলাম, পিতা- মৃত আবদুল করিম
১৬৭	৫৯৫০	মোঃ আবদুল মান্নান, পিতা- মরহুম আবদুল জব্বার
১৬১	৫৮৭৬	মোঃ সেকান্দার আলী, পিতা- মরহুম আবদুল হামিদ
১৬২	৫৮৮৮	মোসাম্মৎ রোকেয়া বেগম, স্বামী- মোঃ আবদুল কাদের
১৬৩	৫৯০২	মোঃ আবুল কালাম আজাদ, পিতা- মৃত আবদুর রহমান
১৬৪	৫৯১৫	মোঃ মনিরুজ্জামান, পিতা- মরহুম আবদুল মজিদ
১৬৫	৫৯২৭	মোছাঃ নাজমা বেগম, স্বামী- মোঃ আবদুল হক
১৬৬	৫৯৩৮	মোঃ শফিকুল ইসলাম, পিতা- মৃত আবদুল করিম
১৬৭	৫৯৫০	মোঃ আবদুল মান্নান, পিতা- মরহুম আবদুল জব্বার
১৬১	৫৮৭৬	মোঃ সেকান্দার আলী, পিতা- মরহুম আবদুল হামিদ
১৬২	৫৮৮৮	মোসাম্মৎ রোকেয়া বেগম, স্বামী- মোঃ আবদুল কাদের
১৬৩	৫৯০২	মোঃ আবুল কালাম আজাদ, পিতা- মৃত আবদুর রহমান
১৬৪	৫৯১৫	মোঃ মনিরুজ্জামান, পিতা- মরহুম আবদুল মজিদ
১৬৫	৫৯২৭	মোছাঃ নাজমা বেগম, স্বামী- মোঃ আবদুল হক
১৬৬	৫৯৩৮	মোঃ শফিকুল ইসলাম, পিতা- মৃত আবদুল করিম
১৬৭	৫৯৫০	মোঃ আবদুল মান্নান, পিতা- মরহুম আবদুল জব্বার
১৬১	৫৮৭৬	মোঃ সেকান্দার আলী, পিতা- মরহুম আবদুল হামিদ
১৬২	৫৮৮৮	মোসাম্মৎ রোকেয়া বেগম, স্বামী- মোঃ আবদুল কাদের
১৬৩	৫৯০২	মোঃ আবুল কালাম আজাদ, পিতা- মৃত আবদুর রহমান
১৬৪	৫৯১৫	মোঃ মনিরুজ্জামান, পিতা- মরহুম আবদুল মজিদ
১৬৫	৫৯২৭	মোছাঃ নাজমা বেগম, স্বামী- মোঃ আবদুল হক
১৬৬	৫৯৩৮	মোঃ শফিকুল ইসলাম, পিতা- মৃত আবদুল করিম
১৬৭	৫৯৫০	মোঃ আবদুল মান্নান, পিতা- মরহুম আবদুল জব্বার
১৬১	৫৮৭৬	মোঃ সেকান্দার আলী, পিতা- মরহুম আবদুল হামিদ
১৬২	৫৮৮৮	মোসাম্মৎ রোকেয়া বেগম, স্বামী- মোঃ আবদুল কাদের
১৬৩	৫৯০২	মোঃ আবুল কালাম আজাদ, পিতা- মৃত আবদুর রহমান
১৬৪	৫৯১৫	মোঃ মনিরুজ্জামান, পিতা- মরহুম আবদুল মজিদ
১৬৫	৫৯২৭	মোছাঃ নাজমা বেগম, স্বামী- মোঃ আবদুল হক
১৬৬	৫৯৩৮	মোঃ শফিকুল ইসলাম, পিতা- মৃত আবদুল করিম
১৬৭	৫৯৫০	মোঃ আবদুল মান্নান, পিতা- মরহুম আবদুল জব্বার
১৬১	৫৮৭৬	মোঃ সেকান্দার আলী, পিতা- মরহুম আবদুল হামিদ
১৬২	৫৮৮৮	মোসাম্মৎ রোকেয়া বেগম, স্বামী- মোঃ আবদুল কাদের
১৬৩	৫৯০২	মোঃ আবুল কালাম আজাদ, পিতা- মৃত আবদুর রহমান
১৬৪	৫৯১৫	মোঃ মনিরুজ্জামান, পিতা- মরহুম আবদুল মজিদ
১৬৫	৫৯২৭	মোছাঃ নাজমা বেগম, স্বামী- মোঃ আবদুল হক
১৬৬	৫৯৩৮	মোঃ শফিকুল ইসলাম, পিতা- মৃত আবদুল করিম
১৬৭	৫৯৫০	মোঃ আবদুল মান্নান, পিতা- মরহুম আবদুল জব্বার
১৬১	৫৮৭৬	মোঃ সেকান্দার আলী, পিতা- মরহুম আবদুল হামিদ
১৬২	৫৮৮৮	মোসাম্মৎ রোকেয়া বেগম, স্বামী- মোঃ আবদুল কাদের
১৬৩	৫৯০২	মোঃ আবুল কালাম আজাদ, পিতা- মৃত আবদুর রহমান
১৬৪	৫৯১৫	মোঃ মনিরুজ্জামান, পিতা- মরহুম আবদুল মজিদ
১৬৫	৫৯২৭	মোছাঃ নাজমা বেগম, স্বামী- মোঃ আবদুল হক
১৬৬	৫৯৩৮	মোঃ শফিকুল ইসলাম, পিতা- মৃত আবদুল করিম
১৬৭	৫৯৫০	মোঃ আবদুল মান্নান, পিতা- মরহুম আবদুল জব্বার
১৬১	৫৮৭৬	মোঃ সেকান্দার আলী, পিতা- মরহুম আবদুল হামিদ
১৬২	৫৮৮৮	মোসাম্মৎ রোকেয়া বেগম, স্বামী- মোঃ আবদুল কাদের
১৬৩	৫৯০২	মোঃ আবুল কালাম আজাদ, পিতা- মৃত আবদুর রহমান
১৬৪	৫৯১৫	মোঃ মনিরুজ্জামান, পিতা- মরহুম আবদুল মজিদ
১৬৫	৫৯২৭	মোছাঃ নাজমা বেগম, স্বামী- মোঃ আবদুল হক
১৬৬	৫৯৩৮	মোঃ শফিকুল ইসলাম, পিতা- মৃত আবদুল করিম
১৬৭	৫৯৫০	মোঃ আবদুল মান্নান, পিতা- মরহুম আবদুল জব্বার
১৬১	৫৮৭৬	মোঃ সেকান্দার আলী, পিতা- মরহুম আবদুল হামিদ
১৬২	৫৮৮৮	মোসাম্মৎ রোকেয়া বেগম, স্বামী- মোঃ আবদুল কাদের
১৬৩	৫৯০২	মোঃ আবুল কালাম আজাদ, পিতা- মৃত আবদুর রহমান
১৬৪	৫৯১৫	মোঃ মনিরুজ্জামান, পিতা- মরহুম আবদুল মজিদ
১৬৫	৫৯২৭	মোছাঃ নাজমা বেগম, স্বামী- মোঃ আবদুল হক
১৬৬	৫৯৩৮	মোঃ শফিকুল ইসলাম, পিতা- মৃত আবদুল করিম
১৬৭	৫৯৫০	মোঃ আবদুল মান্নান, পিতা- মরহুম আবদুল জব্বার
১৬১	৫৮৭৬	মোঃ সেকান্দার আলী, পিতা- মরহুম আবদুল হামিদ
১৬২	৫৮৮৮	মোসাম্মৎ রোকেয়া বেগম, স্বামী- মোঃ আবদুল কাদের
১৬৩	৫৯০২	মোঃ আবুল কালাম আজাদ, পিতা- মৃত আবদুর রহমান
১৬৪	৫৯১৫	মোঃ মনিরুজ্জামান, পিতা- মরহুম আবদুল মজিদ
১৬৫	৫৯২৭	মোছাঃ নাজমা বেগম, স্বামী- মোঃ আবদুল হক
১৬৬	৫৯৩৮	মোঃ শফিকুল ইসলাম, পিতা- মৃত আবদুল করিম
১৬৭	৫৯৫০	মোঃ আবদুল মান্নান, পিতা- মরহুম আবদুল জব্বার
১৬১	৫৮৭৬	মোঃ সেকান্দার আলী, পিতা- মরহুম আবদুল হামিদ
১৬২	৫৮৮৮	মোসাম্মৎ রোকেয়া বেগম, স্বামী- মোঃ আবদুল কাদের
১৬৩	৫৯০২	মোঃ আবুল কালাম আজাদ, পিতা- মৃত আবদুর রহমান
১৬৪	৫৯১৫	মোঃ মনিরুজ্জামান, পিতা- মরহুম আবদুল মজিদ
১৬৫	৫৯২৭	মোছাঃ নাজমা বেগম, স্বামী- মোঃ আবদুল হক
১৬৬	৫৯৩৮	মোঃ শফিকুল ইসলাম, পিতা- মৃত আবদুল করিম
১৬৭	৫৯৫০	মোঃ আবদুল মান্নান, পিতা- মরহুম আবদুল জব্বার
১৬১	৫৮৭৬	মোঃ সেকান্দার আলী, পিতা- মরহুম আবদুল হামিদ
১৬২	৫৮৮৮	মোসাম্মৎ রোকেয়া বেগম, স্বামী- মোঃ আবদুল কাদের
১৬৩	৫৯০২	মোঃ আবুল কালাম আজাদ, পিতা- মৃত আবদুর রহমান
১৬৪	৫৯১৫	মোঃ মনিরুজ্জামান, পিতা- মরহুম আবদুল মজিদ
১৬৫	৫৯২৭	মোছাঃ নাজমা বেগম, স্বামী- মোঃ আবদুল হক
১৬৬	৫৯৩৮	মোঃ শফিকুল ইসলাম, পিতা- মৃত আবদুল করিম
১৬৭	৫৯৫০	মোঃ আবদুল মান্নান, পিতা- মরহুম আবদুল জব্বার
১৬১	৫৮৭৬	মোঃ সেকান্দার আলী, পিতা- মরহুম আবদুল হামিদ
